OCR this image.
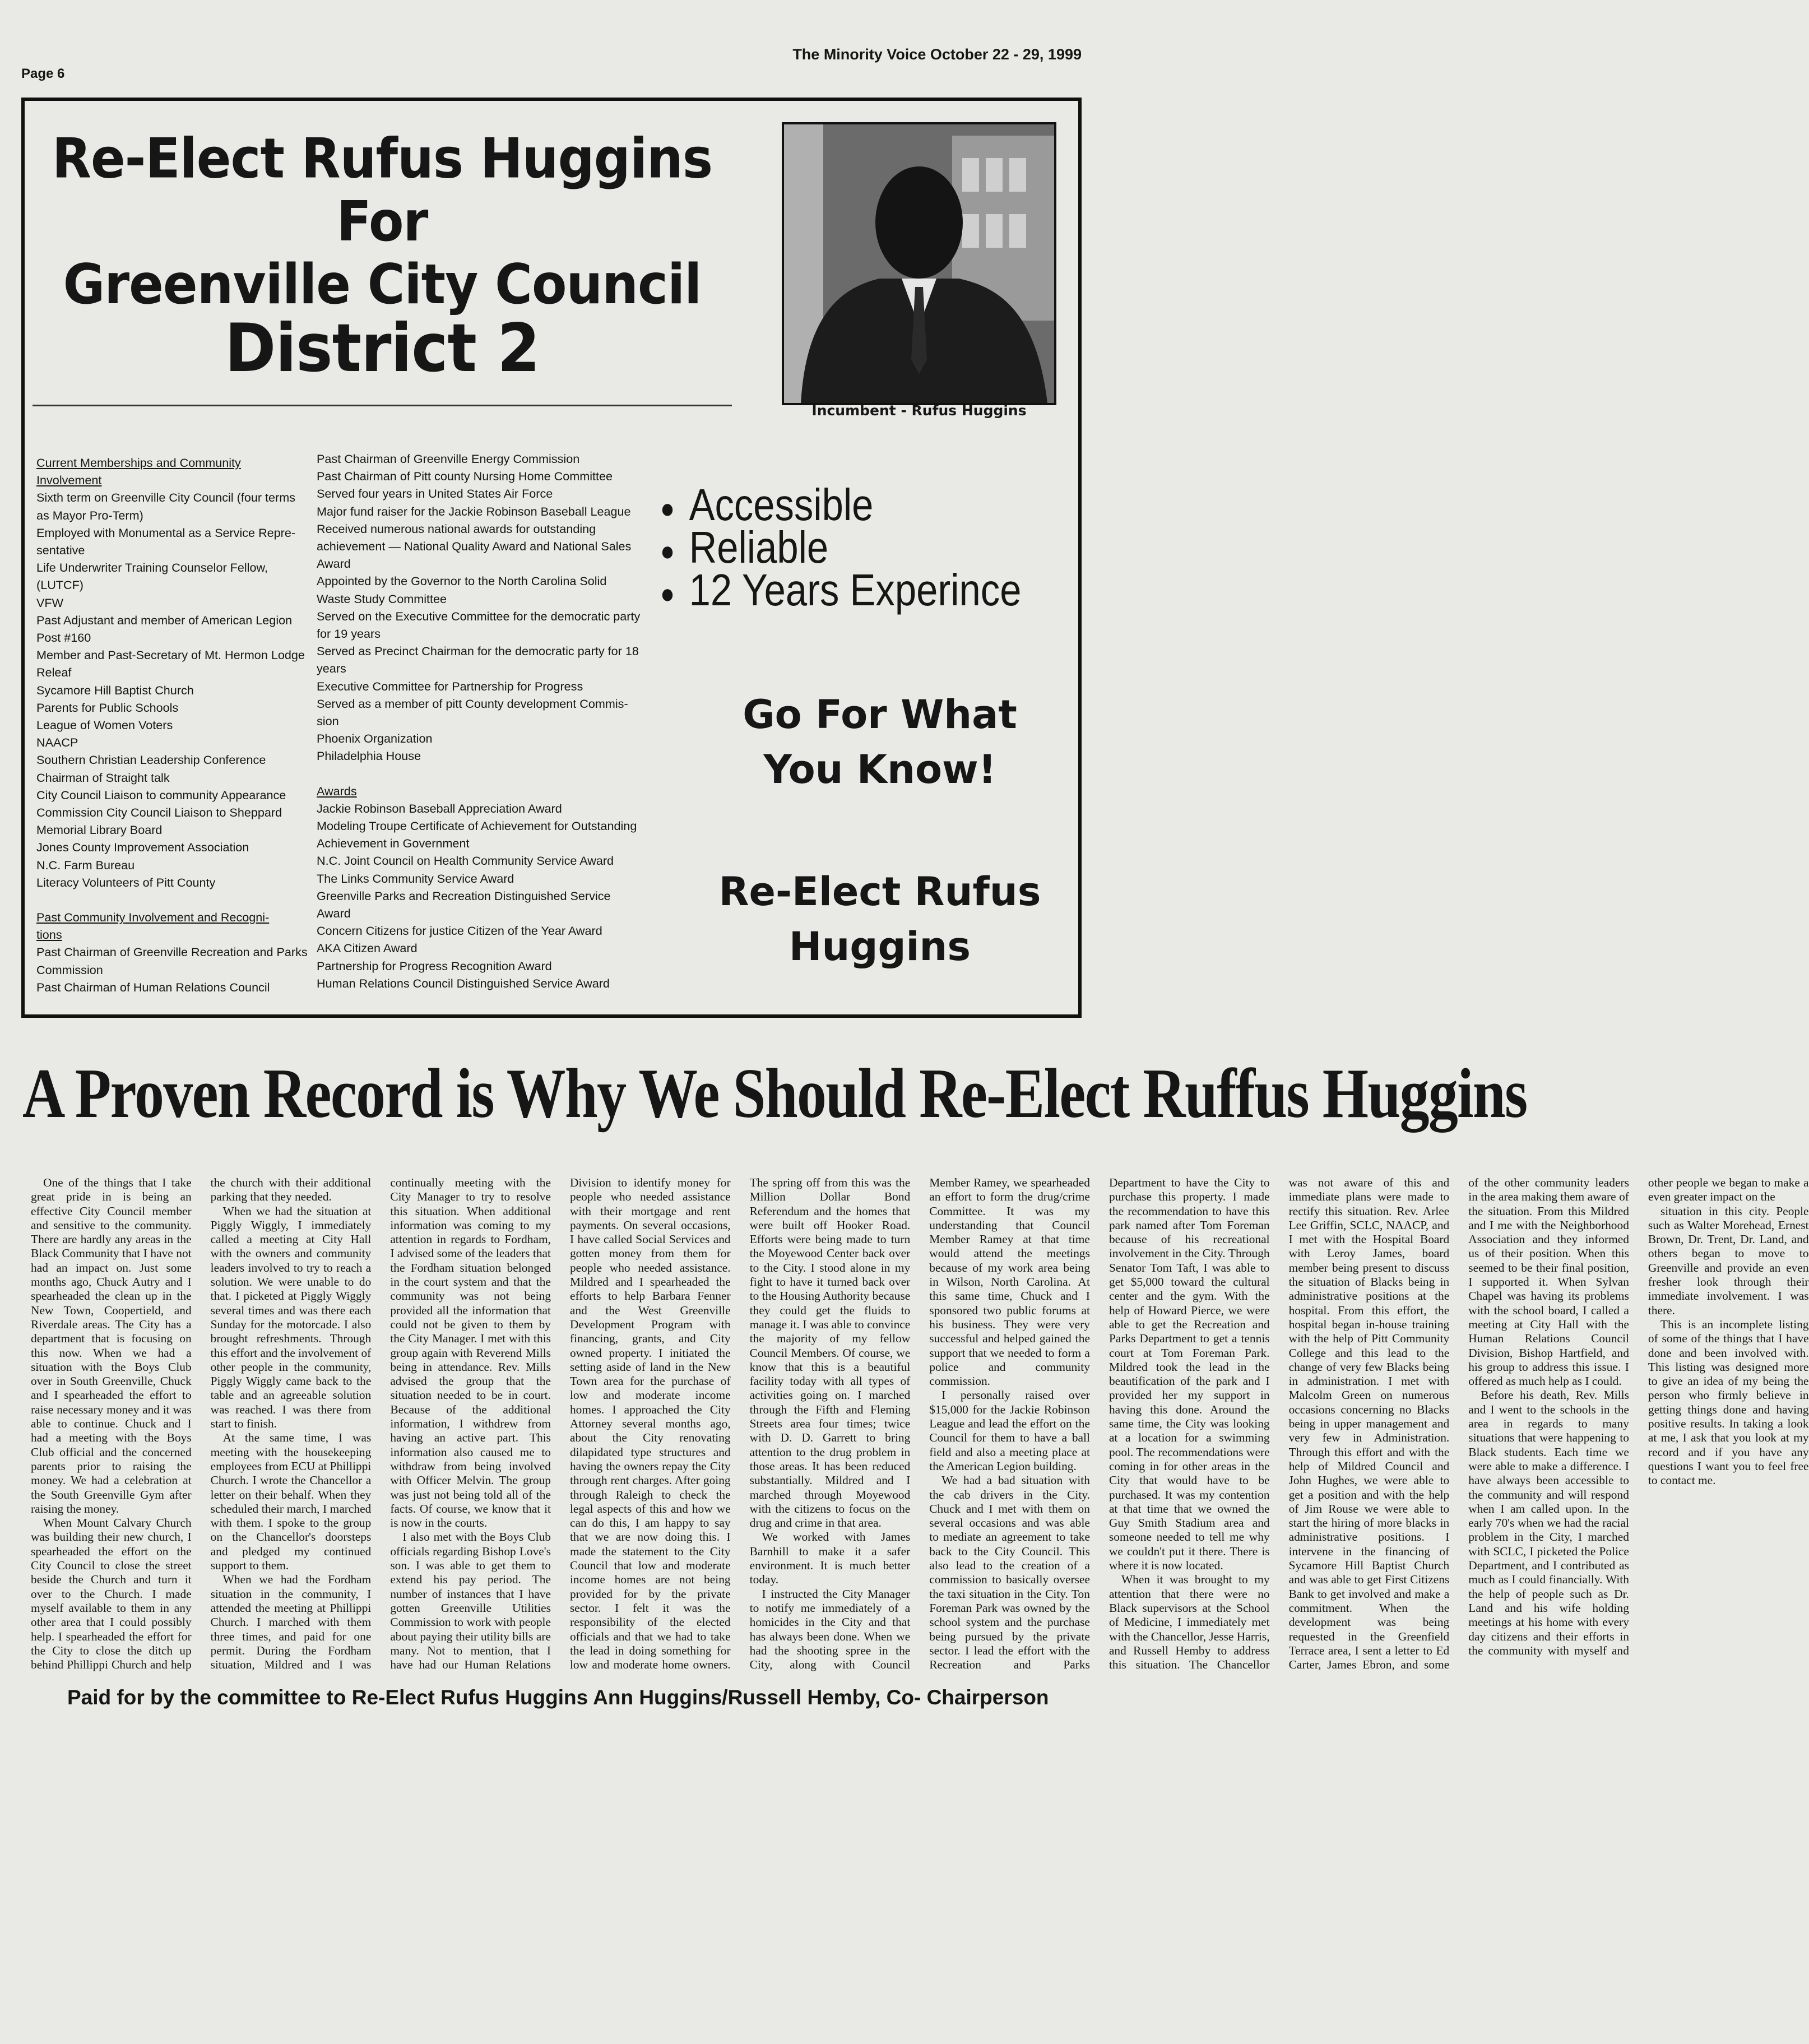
Page 6
The Minority Voice October 22 - 29, 1999
Re-Elect Rufus Huggins
For
Greenville City Council
District 2
Incumbent - Rufus Huggins
Current Memberships and Community
Involvement
Sixth term on Greenville City Council (four terms
as Mayor Pro-Term)
Employed with Monumental as a Service Repre-
sentative
Life Underwriter Training Counselor Fellow,
(LUTCF)
VFW
Past Adjustant and member of American Legion
Post #160
Member and Past-Secretary of Mt. Hermon Lodge
Releaf
Sycamore Hill Baptist Church
Parents for Public Schools
League of Women Voters
NAACP
Southern Christian Leadership Conference
Chairman of Straight talk
City Council Liaison to community Appearance
Commission City Council Liaison to Sheppard
Memorial Library Board
Jones County Improvement Association
N.C. Farm Bureau
Literacy Volunteers of Pitt County
Past Community Involvement and Recogni-
tions
Past Chairman of Greenville Recreation and Parks
Commission
Past Chairman of Human Relations Council
Past Chairman of Greenville Energy Commission
Past Chairman of Pitt county Nursing Home Committee
Served four years in United States Air Force
Major fund raiser for the Jackie Robinson Baseball League
Received numerous national awards for outstanding
achievement — National Quality Award and National Sales
Award
Appointed by the Governor to the North Carolina Solid
Waste Study Committee
Served on the Executive Committee for the democratic party
for 19 years
Served as Precinct Chairman for the democratic party for 18
years
Executive Committee for Partnership for Progress
Served as a member of pitt County development Commis-
sion
Phoenix Organization
Philadelphia House
Awards
Jackie Robinson Baseball Appreciation Award
Modeling Troupe Certificate of Achievement for Outstanding
Achievement in Government
N.C. Joint Council on Health Community Service Award
The Links Community Service Award
Greenville Parks and Recreation Distinguished Service
Award
Concern Citizens for justice Citizen of the Year Award
AKA Citizen Award
Partnership for Progress Recognition Award
Human Relations Council Distinguished Service Award
● Accessible
● Reliable
● 12 Years Experince
Go For What
You Know!
Re-Elect Rufus
Huggins
A Proven Record is Why We Should Re-Elect Ruffus Huggins

One of the things that I take great pride in is being an effective City Council member and sensitive to the community. There are hardly any areas in the Black Community that I have not had an impact on. Just some months ago, Chuck Autry and I spearheaded the clean up in the New Town, Coopertield, and Riverdale areas. The City has a department that is focusing on this now. When we had a situation with the Boys Club over in South Greenville, Chuck and I spearheaded the effort to raise necessary money and it was able to continue. Chuck and I had a meeting with the Boys Club official and the concerned parents prior to raising the money. We had a celebration at the South Greenville Gym after raising the money.

When Mount Calvary Church was building their new church, I spearheaded the effort on the City Council to close the street beside the Church and turn it over to the Church. I made myself available to them in any other area that I could possibly help. I spearheaded the effort for the City to close the ditch up behind Phillippi Church and help the church with their additional parking that they needed.

When we had the situation at Piggly Wiggly, I immediately called a meeting at City Hall with the owners and community leaders involved to try to reach a solution. We were unable to do that. I picketed at Piggly Wiggly several times and was there each Sunday for the motorcade. I also brought refreshments. Through this effort and the involvement of other people in the community, Piggly Wiggly came back to the table and an agreeable solution was reached. I was there from start to finish.

At the same time, I was meeting with the housekeeping employees from ECU at Phillippi Church. I wrote the Chancellor a letter on their behalf. When they scheduled their march, I marched with them. I spoke to the group on the Chancellor's doorsteps and pledged my continued support to them.

When we had the Fordham situation in the community, I attended the meeting at Phillippi Church. I marched with them three times, and paid for one permit. During the Fordham situation, Mildred and I was continually meeting with the City Manager to try to resolve this situation. When additional information was coming to my attention in regards to Fordham, I advised some of the leaders that the Fordham situation belonged in the court system and that the community was not being provided all the information that could not be given to them by the City Manager. I met with this group again with Reverend Mills being in attendance. Rev. Mills advised the group that the situation needed to be in court. Because of the additional information, I withdrew from having an active part. This information also caused me to withdraw from being involved with Officer Melvin. The group was just not being told all of the facts. Of course, we know that it is now in the courts.

I also met with the Boys Club officials regarding Bishop Love's son. I was able to get them to extend his pay period. The number of instances that I have gotten Greenville Utilities Commission to work with people about paying their utility bills are many. Not to mention, that I have had our Human Relations Division to identify money for people who needed assistance with their mortgage and rent payments. On several occasions, I have called Social Services and gotten money from them for people who needed assistance. Mildred and I spearheaded the efforts to help Barbara Fenner and the West Greenville Development Program with financing, grants, and City owned property. I initiated the setting aside of land in the New Town area for the purchase of low and moderate income homes. I approached the City Attorney several months ago, about the City renovating dilapidated type structures and having the owners repay the City through rent charges. After going through Raleigh to check the legal aspects of this and how we can do this, I am happy to say that we are now doing this. I made the statement to the City Council that low and moderate income homes are not being provided for by the private sector. I felt it was the responsibility of the elected officials and that we had to take the lead in doing something for low and moderate home owners. The spring off from this was the Million Dollar Bond Referendum and the homes that were built off Hooker Road. Efforts were being made to turn the Moyewood Center back over to the City. I stood alone in my fight to have it turned back over to the Housing Authority because they could get the fluids to manage it. I was able to convince the majority of my fellow Council Members. Of course, we know that this is a beautiful facility today with all types of activities going on. I marched through the Fifth and Fleming Streets area four times; twice with D. D. Garrett to bring attention to the drug problem in those areas. It has been reduced substantially. Mildred and I marched through Moyewood with the citizens to focus on the drug and crime in that area.

We worked with James Barnhill to make it a safer environment. It is much better today.

I instructed the City Manager to notify me immediately of a homicides in the City and that has always been done. When we had the shooting spree in the City, along with Council Member Ramey, we spearheaded an effort to form the drug/crime Committee. It was my understanding that Council Member Ramey at that time would attend the meetings because of my work area being in Wilson, North Carolina. At this same time, Chuck and I sponsored two public forums at his business. They were very successful and helped gained the support that we needed to form a police and community commission.

I personally raised over $15,000 for the Jackie Robinson League and lead the effort on the Council for them to have a ball field and also a meeting place at the American Legion building.

We had a bad situation with the cab drivers in the City. Chuck and I met with them on several occasions and was able to mediate an agreement to take back to the City Council. This also lead to the creation of a commission to basically oversee the taxi situation in the City. Ton Foreman Park was owned by the school system and the purchase being pursued by the private sector. I lead the effort with the Recreation and Parks Department to have the City to purchase this property. I made the recommendation to have this park named after Tom Foreman because of his recreational involvement in the City. Through Senator Tom Taft, I was able to get $5,000 toward the cultural center and the gym. With the help of Howard Pierce, we were able to get the Recreation and Parks Department to get a tennis court at Tom Foreman Park. Mildred took the lead in the beautification of the park and I provided her my support in having this done. Around the same time, the City was looking at a location for a swimming pool. The recommendations were coming in for other areas in the City that would have to be purchased. It was my contention at that time that we owned the Guy Smith Stadium area and someone needed to tell me why we couldn't put it there. There is where it is now located.

When it was brought to my attention that there were no Black supervisors at the School of Medicine, I immediately met with the Chancellor, Jesse Harris, and Russell Hemby to address this situation. The Chancellor was not aware of this and immediate plans were made to rectify this situation. Rev. Arlee Lee Griffin, SCLC, NAACP, and I met with the Hospital Board with Leroy James, board member being present to discuss the situation of Blacks being in administrative positions at the hospital. From this effort, the hospital began in-house training with the help of Pitt Community College and this lead to the change of very few Blacks being in administration. I met with Malcolm Green on numerous occasions concerning no Blacks being in upper management and very few in Administration. Through this effort and with the help of Mildred Council and John Hughes, we were able to get a position and with the help of Jim Rouse we were able to start the hiring of more blacks in administrative positions. I intervene in the financing of Sycamore Hill Baptist Church and was able to get First Citizens Bank to get involved and make a commitment. When the development was being requested in the Greenfield Terrace area, I sent a letter to Ed Carter, James Ebron, and some of the other community leaders in the area making them aware of the situation. From this Mildred and I me with the Neighborhood Association and they informed us of their position. When this seemed to be their final position, I supported it. When Sylvan Chapel was having its problems with the school board, I called a meeting at City Hall with the Human Relations Council Division, Bishop Hartfield, and his group to address this issue. I offered as much help as I could.

Before his death, Rev. Mills and I went to the schools in the area in regards to many situations that were happening to Black students. Each time we were able to make a difference. I have always been accessible to the community and will respond when I am called upon. In the early 70's when we had the racial problem in the City, I marched with SCLC, I picketed the Police Department, and I contributed as much as I could financially. With the help of people such as Dr. Land and his wife holding meetings at his home with every day citizens and their efforts in the community with myself and other people we began to make a even greater impact on the

situation in this city. People such as Walter Morehead, Ernest Brown, Dr. Trent, Dr. Land, and others began to move to Greenville and provide an even fresher look through their immediate involvement. I was there.

This is an incomplete listing of some of the things that I have done and been involved with. This listing was designed more to give an idea of my being the person who firmly believe in getting things done and having positive results. In taking a look at me, I ask that you look at my record and if you have any questions I want you to feel free to contact me.

Paid for by the committee to Re-Elect Rufus Huggins Ann Huggins/Russell Hemby, Co- Chairperson
